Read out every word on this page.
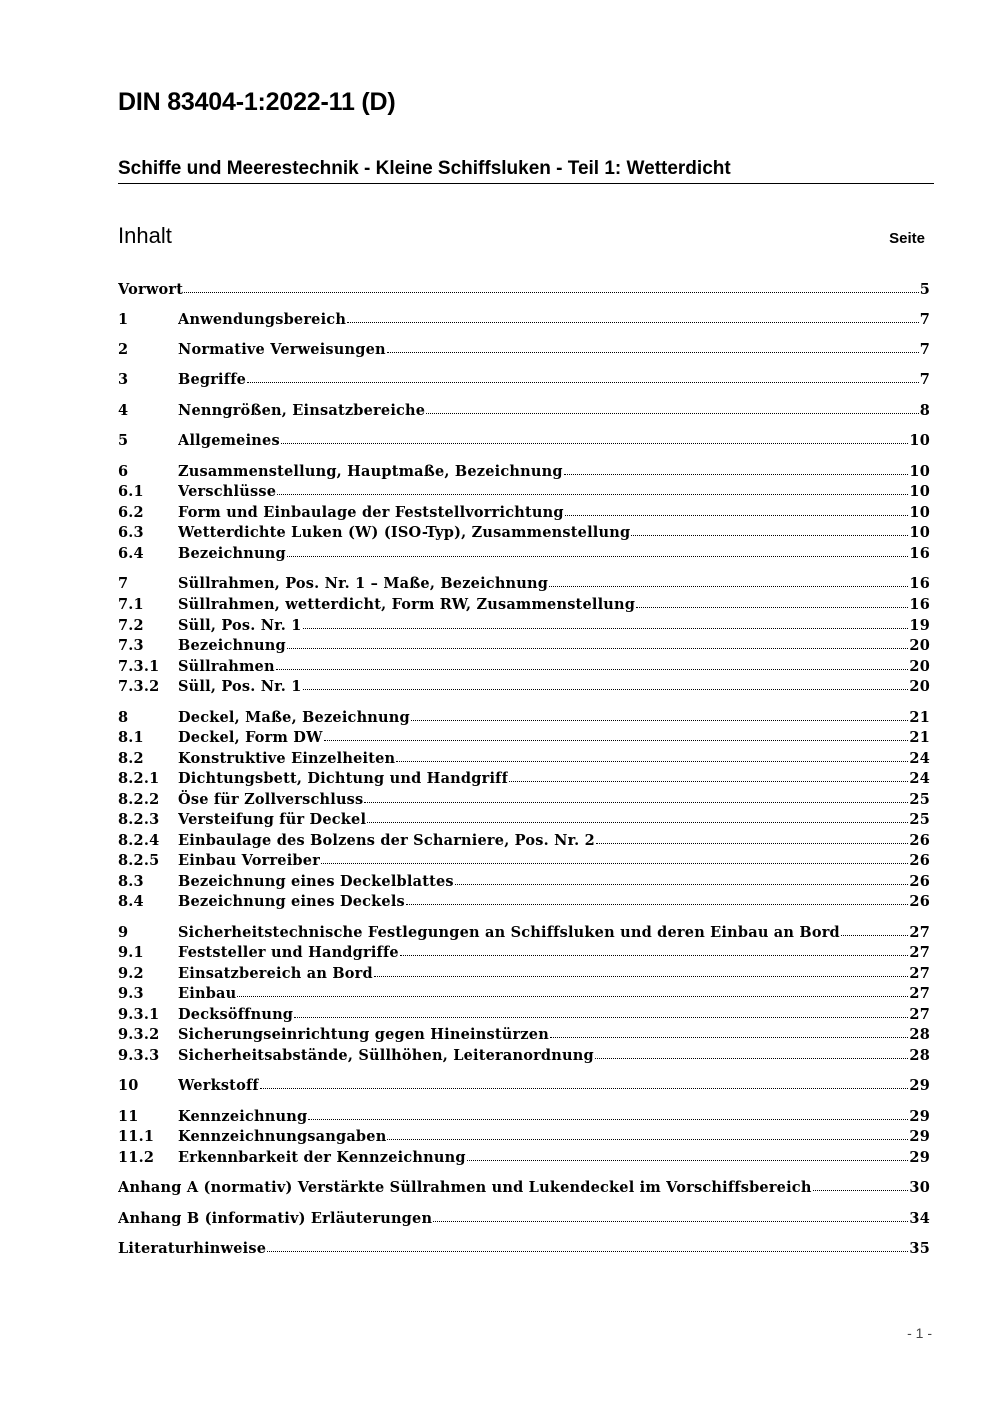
DIN 83404-1:2022-11 (D)
Schiffe und Meerestechnik - Kleine Schiffsluken - Teil 1: Wetterdicht
Inhalt	Seite
Vorwort	5
1	Anwendungsbereich	7
2	Normative Verweisungen	7
3	Begriffe	7
4	Nenngrößen, Einsatzbereiche	8
5	Allgemeines	10
6	Zusammenstellung, Hauptmaße, Bezeichnung	10
6.1	Verschlüsse	10
6.2	Form und Einbaulage der Feststellvorrichtung	10
6.3	Wetterdichte Luken (W) (ISO-Typ), Zusammenstellung	10
6.4	Bezeichnung	16
7	Süllrahmen, Pos. Nr. 1 – Maße, Bezeichnung	16
7.1	Süllrahmen, wetterdicht, Form RW, Zusammenstellung	16
7.2	Süll, Pos. Nr. 1	19
7.3	Bezeichnung	20
7.3.1	Süllrahmen	20
7.3.2	Süll, Pos. Nr. 1	20
8	Deckel, Maße, Bezeichnung	21
8.1	Deckel, Form DW	21
8.2	Konstruktive Einzelheiten	24
8.2.1	Dichtungsbett, Dichtung und Handgriff	24
8.2.2	Öse für Zollverschluss	25
8.2.3	Versteifung für Deckel	25
8.2.4	Einbaulage des Bolzens der Scharniere, Pos. Nr. 2	26
8.2.5	Einbau Vorreiber	26
8.3	Bezeichnung eines Deckelblattes	26
8.4	Bezeichnung eines Deckels	26
9	Sicherheitstechnische Festlegungen an Schiffsluken und deren Einbau an Bord	27
9.1	Feststeller und Handgriffe	27
9.2	Einsatzbereich an Bord	27
9.3	Einbau	27
9.3.1	Decksöffnung	27
9.3.2	Sicherungseinrichtung gegen Hineinstürzen	28
9.3.3	Sicherheitsabstände, Süllhöhen, Leiteranordnung	28
10	Werkstoff	29
11	Kennzeichnung	29
11.1	Kennzeichnungsangaben	29
11.2	Erkennbarkeit der Kennzeichnung	29
Anhang A (normativ) Verstärkte Süllrahmen und Lukendeckel im Vorschiffsbereich	30
Anhang B (informativ) Erläuterungen	34
Literaturhinweise	35
- 1 -
